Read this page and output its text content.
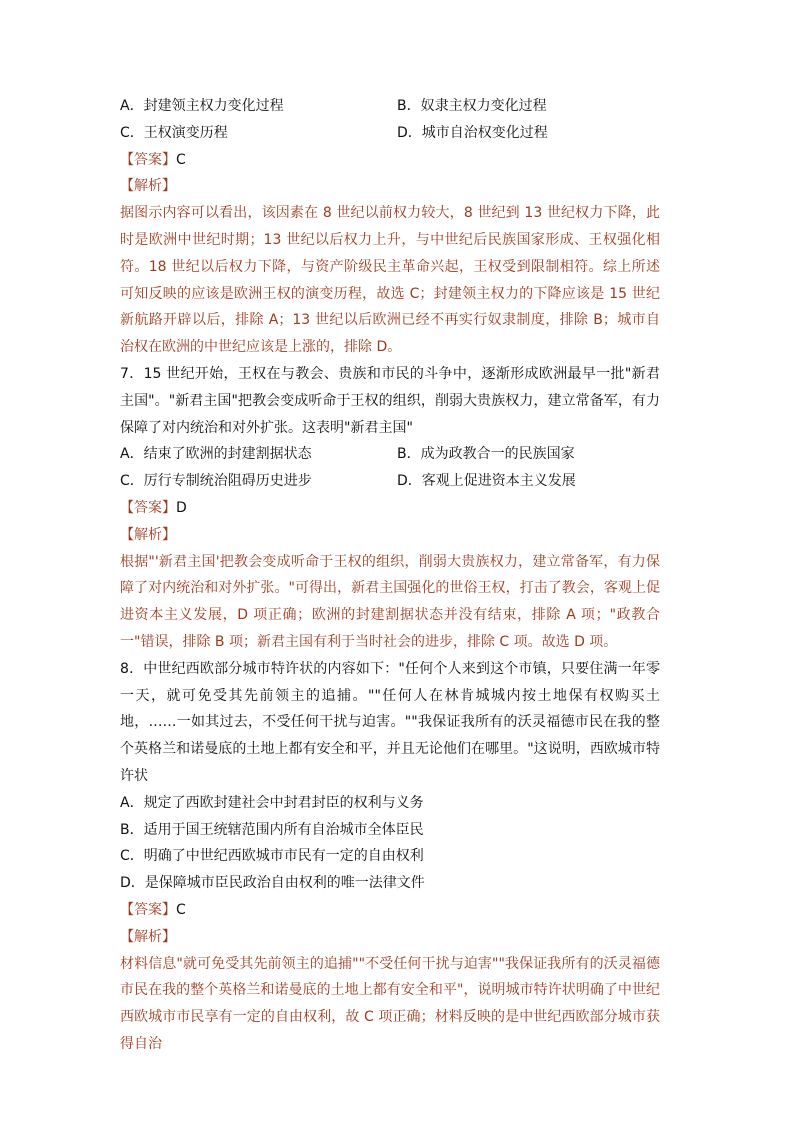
A．封建领主权力变化过程	B．奴隶主权力变化过程
C．王权演变历程	D．城市自治权变化过程
【答案】C
【解析】
据图示内容可以看出，该因素在 8 世纪以前权力较大，8 世纪到 13 世纪权力下降，此时是欧洲中世纪时期；13 世纪以后权力上升，与中世纪后民族国家形成、王权强化相符。18 世纪以后权力下降，与资产阶级民主革命兴起，王权受到限制相符。综上所述可知反映的应该是欧洲王权的演变历程，故选 C；封建领主权力的下降应该是 15 世纪新航路开辟以后，排除 A；13 世纪以后欧洲已经不再实行奴隶制度，排除 B；城市自治权在欧洲的中世纪应该是上涨的，排除 D。
7．15 世纪开始，王权在与教会、贵族和市民的斗争中，逐渐形成欧洲最早一批"新君主国"。"新君主国"把教会变成听命于王权的组织，削弱大贵族权力，建立常备军，有力保障了对内统治和对外扩张。这表明"新君主国"
A．结束了欧洲的封建割据状态	B．成为政教合一的民族国家
C．厉行专制统治阻碍历史进步	D．客观上促进资本主义发展
【答案】D
【解析】
根据"'新君主国'把教会变成听命于王权的组织，削弱大贵族权力，建立常备军，有力保障了对内统治和对外扩张。"可得出，新君主国强化的世俗王权，打击了教会，客观上促进资本主义发展，D 项正确；欧洲的封建割据状态并没有结束，排除 A 项；"政教合一"错误，排除 B 项；新君主国有利于当时社会的进步，排除 C 项。故选 D 项。
8．中世纪西欧部分城市特许状的内容如下："任何个人来到这个市镇，只要住满一年零一天，就可免受其先前领主的追捕。""任何人在林肯城城内按土地保有权购买土地，……一如其过去，不受任何干扰与迫害。""我保证我所有的沃灵福德市民在我的整个英格兰和诺曼底的土地上都有安全和平，并且无论他们在哪里。"这说明，西欧城市特许状
A．规定了西欧封建社会中封君封臣的权利与义务
B．适用于国王统辖范围内所有自治城市全体臣民
C．明确了中世纪西欧城市市民有一定的自由权利
D．是保障城市臣民政治自由权利的唯一法律文件
【答案】C
【解析】
材料信息"就可免受其先前领主的追捕""不受任何干扰与迫害""我保证我所有的沃灵福德市民在我的整个英格兰和诺曼底的土地上都有安全和平"，说明城市特许状明确了中世纪西欧城市市民享有一定的自由权利，故 C 项正确；材料反映的是中世纪西欧部分城市获得自治
